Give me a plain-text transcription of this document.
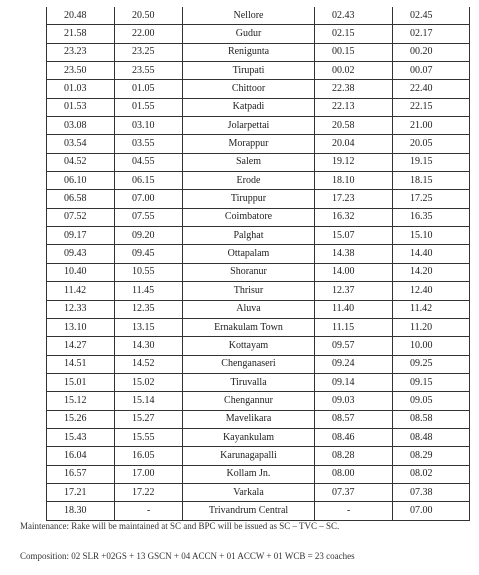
20.48	20.50	Nellore	02.43	02.45
21.58	22.00	Gudur	02.15	02.17
23.23	23.25	Renigunta	00.15	00.20
23.50	23.55	Tirupati	00.02	00.07
01.03	01.05	Chittoor	22.38	22.40
01.53	01.55	Katpadi	22.13	22.15
03.08	03.10	Jolarpettai	20.58	21.00
03.54	03.55	Morappur	20.04	20.05
04.52	04.55	Salem	19.12	19.15
06.10	06.15	Erode	18.10	18.15
06.58	07.00	Tiruppur	17.23	17.25
07.52	07.55	Coimbatore	16.32	16.35
09.17	09.20	Palghat	15.07	15.10
09.43	09.45	Ottapalam	14.38	14.40
10.40	10.55	Shoranur	14.00	14.20
11.42	11.45	Thrisur	12.37	12.40
12.33	12.35	Aluva	11.40	11.42
13.10	13.15	Ernakulam Town	11.15	11.20
14.27	14.30	Kottayam	09.57	10.00
14.51	14.52	Chenganaseri	09.24	09.25
15.01	15.02	Tiruvalla	09.14	09.15
15.12	15.14	Chengannur	09.03	09.05
15.26	15.27	Mavelikara	08.57	08.58
15.43	15.55	Kayankulam	08.46	08.48
16.04	16.05	Karunagapalli	08.28	08.29
16.57	17.00	Kollam Jn.	08.00	08.02
17.21	17.22	Varkala	07.37	07.38
18.30	-	Trivandrum Central	-	07.00
Maintenance: Rake will be maintained at SC and BPC will be issued as SC – TVC – SC.
Composition: 02 SLR +02GS + 13 GSCN + 04 ACCN + 01 ACCW + 01 WCB = 23 coaches
